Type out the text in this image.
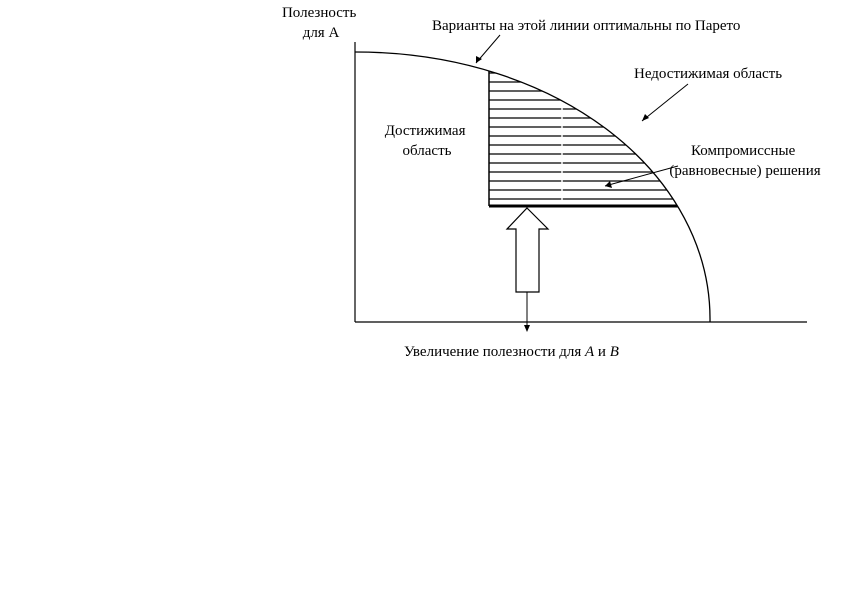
Полезность для А	Варианты на этой линии оптимальны по Парето
Недостижимая область
Достижимая область	Компромиссные (равновесные) решения
Увеличение полезности для А и В
